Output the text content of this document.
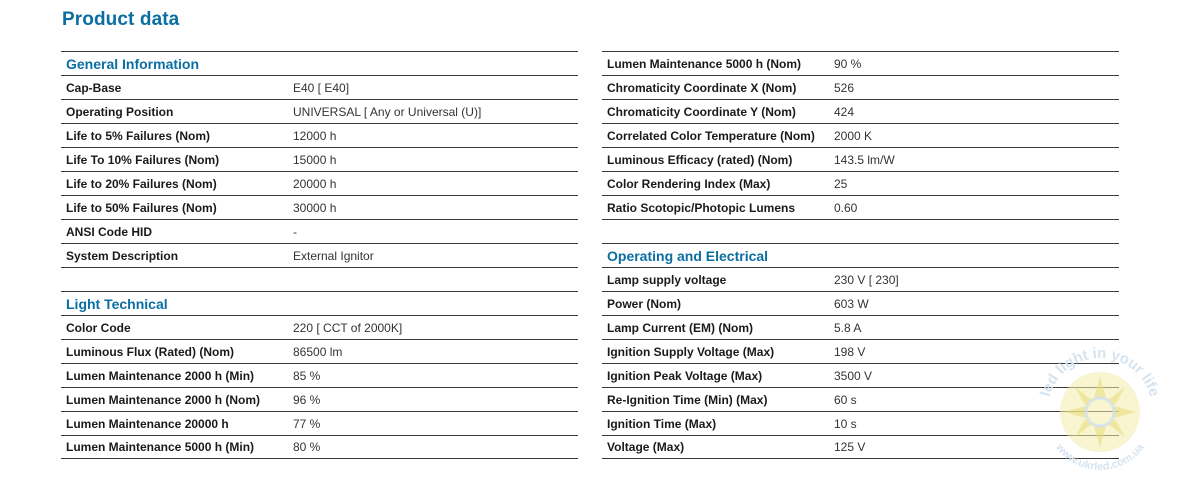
Product data
General Information
Cap-Base	E40 [ E40]
Operating Position	UNIVERSAL [ Any or Universal (U)]
Life to 5% Failures (Nom)	12000 h
Life To 10% Failures (Nom)	15000 h
Life to 20% Failures (Nom)	20000 h
Life to 50% Failures (Nom)	30000 h
ANSI Code HID	-
System Description	External Ignitor
Light Technical
Color Code	220 [ CCT of 2000K]
Luminous Flux (Rated) (Nom)	86500 lm
Lumen Maintenance 2000 h (Min)	85 %
Lumen Maintenance 2000 h (Nom)	96 %
Lumen Maintenance 20000 h	77 %
Lumen Maintenance 5000 h (Min)	80 %
Lumen Maintenance 5000 h (Nom)	90 %
Chromaticity Coordinate X (Nom)	526
Chromaticity Coordinate Y (Nom)	424
Correlated Color Temperature (Nom)	2000 K
Luminous Efficacy (rated) (Nom)	143.5 lm/W
Color Rendering Index (Max)	25
Ratio Scotopic/Photopic Lumens	0.60
Operating and Electrical
Lamp supply voltage	230 V [ 230]
Power (Nom)	603 W
Lamp Current (EM) (Nom)	5.8 A
Ignition Supply Voltage (Max)	198 V
Ignition Peak Voltage (Max)	3500 V
Re-Ignition Time (Min) (Max)	60 s
Ignition Time (Max)	10 s
Voltage (Max)	125 V
led light in your life
www.ukrled.com.ua
